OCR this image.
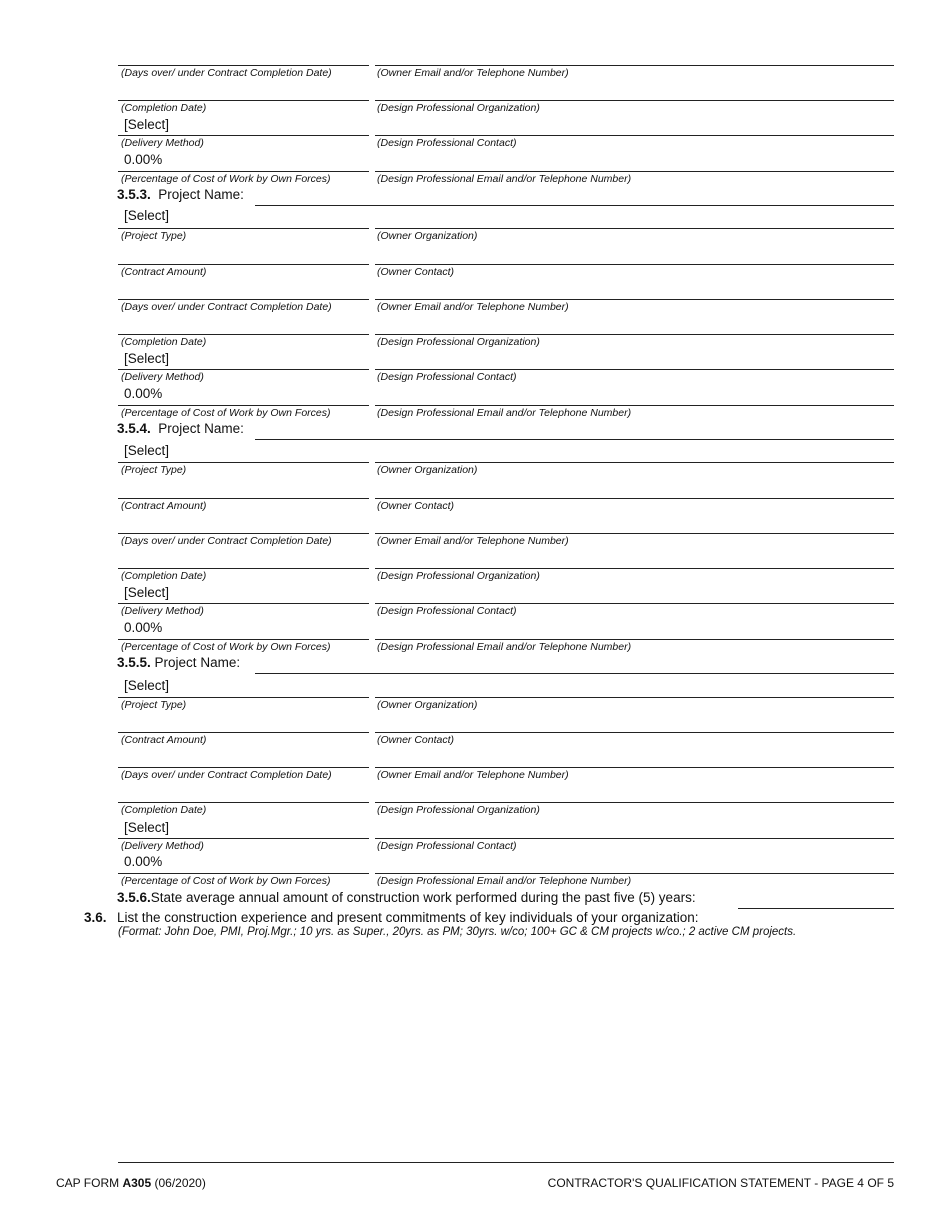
(Days over/ under Contract Completion Date)	(Owner Email and/or Telephone Number)
(Completion Date)	(Design Professional Organization)
[Select]
(Delivery Method)	(Design Professional Contact)
0.00%
(Percentage of Cost of Work by Own Forces)	(Design Professional Email and/or Telephone Number)
3.5.3. Project Name:
[Select]
(Project Type)	(Owner Organization)
(Contract Amount)	(Owner Contact)
(Days over/ under Contract Completion Date)	(Owner Email and/or Telephone Number)
(Completion Date)	(Design Professional Organization)
[Select]
(Delivery Method)	(Design Professional Contact)
0.00%
(Percentage of Cost of Work by Own Forces)	(Design Professional Email and/or Telephone Number)
3.5.4. Project Name:
[Select]
(Project Type)	(Owner Organization)
(Contract Amount)	(Owner Contact)
(Days over/ under Contract Completion Date)	(Owner Email and/or Telephone Number)
(Completion Date)	(Design Professional Organization)
[Select]
(Delivery Method)	(Design Professional Contact)
0.00%
(Percentage of Cost of Work by Own Forces)	(Design Professional Email and/or Telephone Number)
3.5.5. Project Name:
[Select]
(Project Type)	(Owner Organization)
(Contract Amount)	(Owner Contact)
(Days over/ under Contract Completion Date)	(Owner Email and/or Telephone Number)
(Completion Date)	(Design Professional Organization)
[Select]
(Delivery Method)	(Design Professional Contact)
0.00%
(Percentage of Cost of Work by Own Forces)	(Design Professional Email and/or Telephone Number)
3.5.6.State average annual amount of construction work performed during the past five (5) years:
3.6. List the construction experience and present commitments of key individuals of your organization:
(Format: John Doe, PMI, Proj.Mgr.; 10 yrs. as Super., 20yrs. as PM; 30yrs. w/co; 100+ GC & CM projects w/co.; 2 active CM projects.
CAP FORM A305 (06/2020)	CONTRACTOR'S QUALIFICATION STATEMENT - PAGE 4 OF 5
